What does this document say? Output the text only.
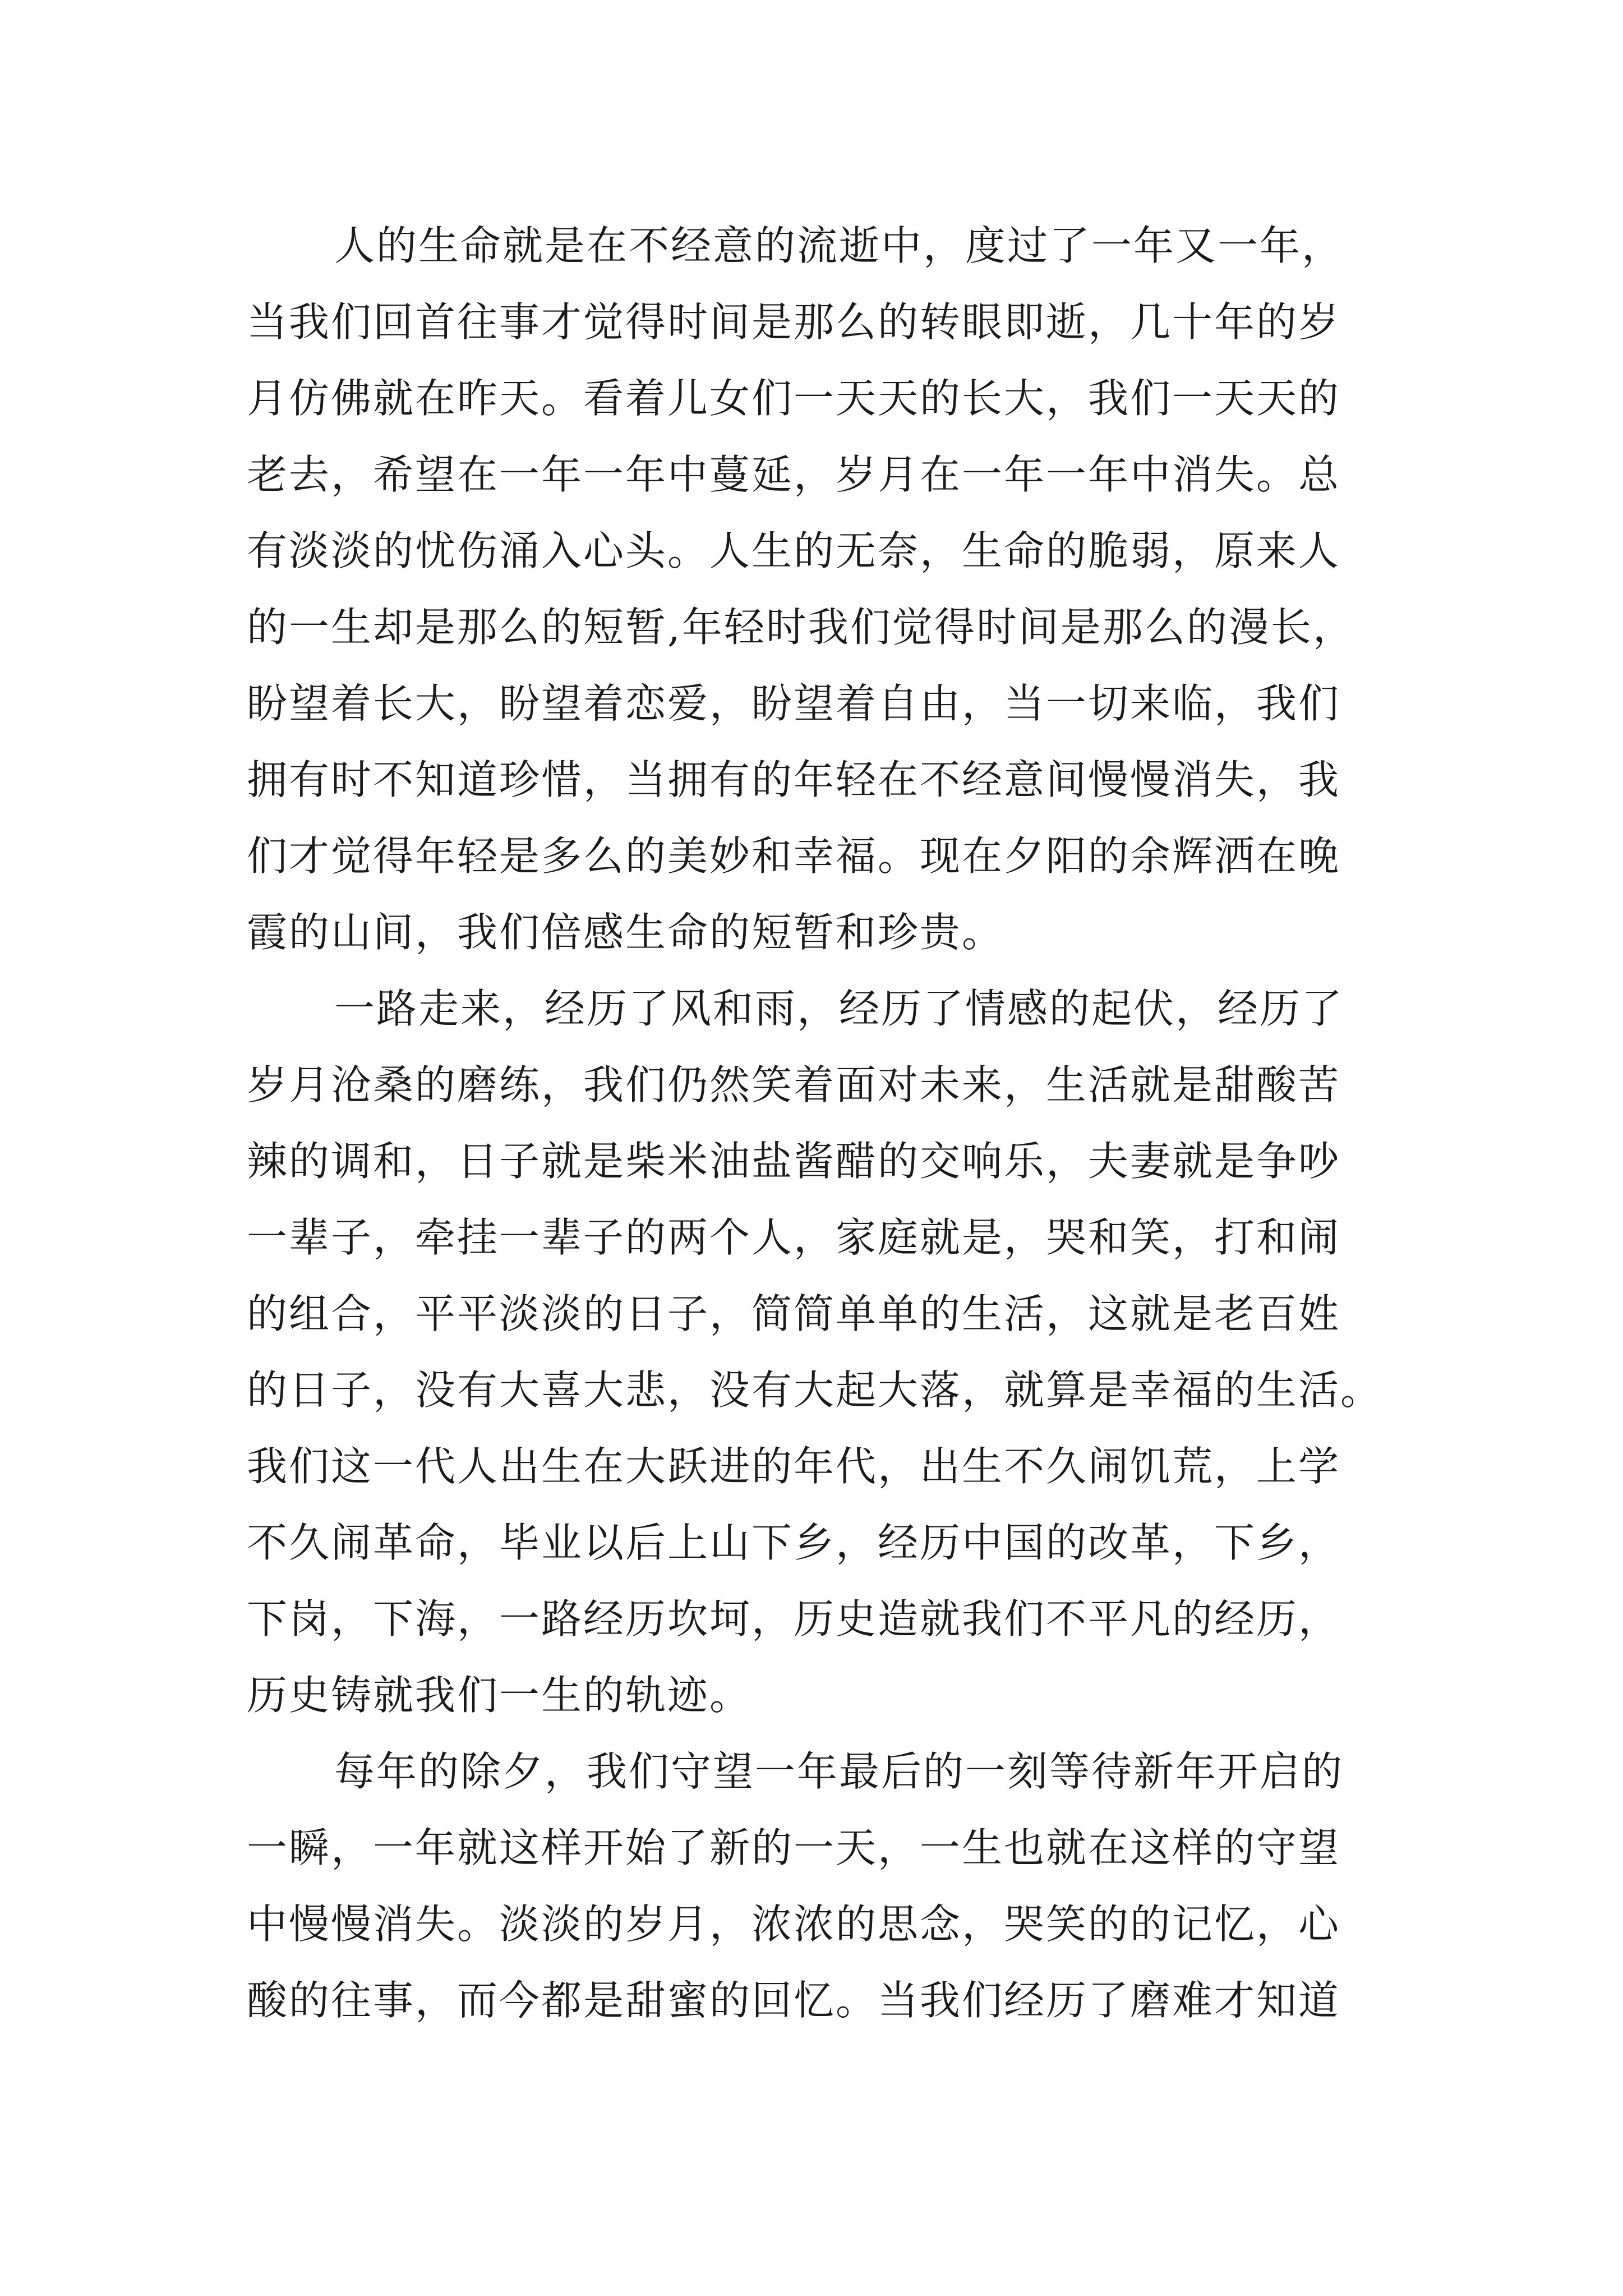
人的生命就是在不经意的流逝中，度过了一年又一年，
当我们回首往事才觉得时间是那么的转眼即逝，几十年的岁
月仿佛就在昨天。看着儿女们一天天的长大，我们一天天的
老去，希望在一年一年中蔓延，岁月在一年一年中消失。总
有淡淡的忧伤涌入心头。人生的无奈，生命的脆弱，原来人
的一生却是那么的短暂,年轻时我们觉得时间是那么的漫长，
盼望着长大，盼望着恋爱，盼望着自由，当一切来临，我们
拥有时不知道珍惜，当拥有的年轻在不经意间慢慢消失，我
们才觉得年轻是多么的美妙和幸福。现在夕阳的余辉洒在晚
霞的山间，我们倍感生命的短暂和珍贵。
一路走来，经历了风和雨，经历了情感的起伏，经历了
岁月沧桑的磨练，我们仍然笑着面对未来，生活就是甜酸苦
辣的调和，日子就是柴米油盐酱醋的交响乐，夫妻就是争吵
一辈子，牵挂一辈子的两个人，家庭就是，哭和笑，打和闹
的组合，平平淡淡的日子，简简单单的生活，这就是老百姓
的日子，没有大喜大悲，没有大起大落，就算是幸福的生活。
我们这一代人出生在大跃进的年代，出生不久闹饥荒，上学
不久闹革命，毕业以后上山下乡，经历中国的改革，下乡，
下岗，下海，一路经历坎坷，历史造就我们不平凡的经历，
历史铸就我们一生的轨迹。
每年的除夕，我们守望一年最后的一刻等待新年开启的
一瞬，一年就这样开始了新的一天，一生也就在这样的守望
中慢慢消失。淡淡的岁月，浓浓的思念，哭笑的的记忆，心
酸的往事，而今都是甜蜜的回忆。当我们经历了磨难才知道
